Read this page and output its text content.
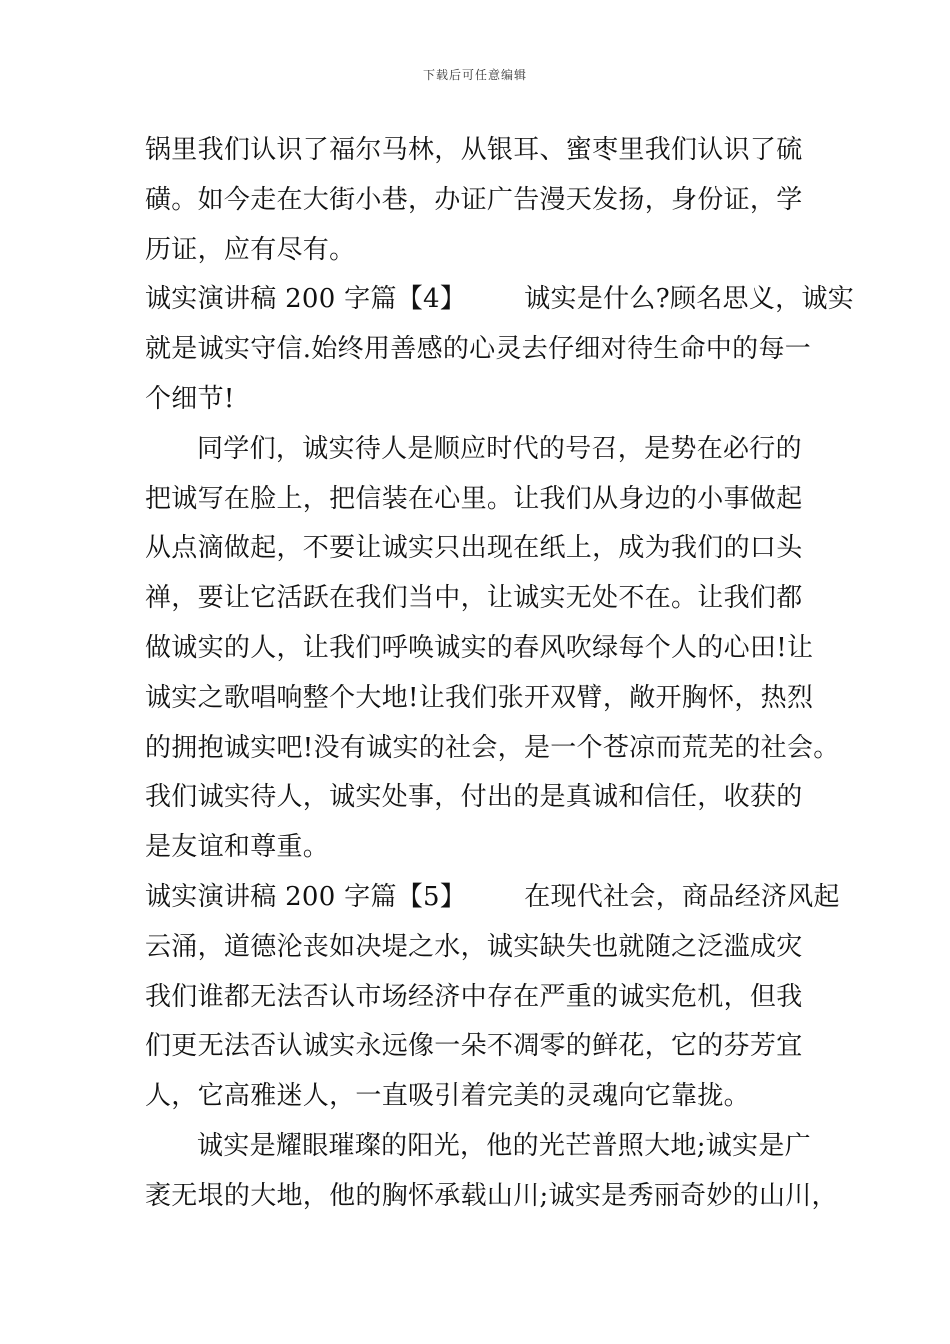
下载后可任意编辑
锅里我们认识了福尔马林，从银耳、蜜枣里我们认识了硫
磺。如今走在大街小巷，办证广告漫天发扬，身份证，学
历证，应有尽有。
诚实演讲稿 200 字篇【4】 诚实是什么?顾名思义，诚实
就是诚实守信.始终用善感的心灵去仔细对待生命中的每一
个细节!
同学们，诚实待人是顺应时代的号召，是势在必行的
把诚写在脸上，把信装在心里。让我们从身边的小事做起
从点滴做起，不要让诚实只出现在纸上，成为我们的口头
禅，要让它活跃在我们当中，让诚实无处不在。让我们都
做诚实的人，让我们呼唤诚实的春风吹绿每个人的心田!让
诚实之歌唱响整个大地!让我们张开双臂，敞开胸怀，热烈
的拥抱诚实吧!没有诚实的社会，是一个苍凉而荒芜的社会。
我们诚实待人，诚实处事，付出的是真诚和信任，收获的
是友谊和尊重。
诚实演讲稿 200 字篇【5】 在现代社会，商品经济风起
云涌，道德沦丧如决堤之水，诚实缺失也就随之泛滥成灾
我们谁都无法否认市场经济中存在严重的诚实危机，但我
们更无法否认诚实永远像一朵不凋零的鲜花，它的芬芳宜
人，它高雅迷人，一直吸引着完美的灵魂向它靠拢。
诚实是耀眼璀璨的阳光，他的光芒普照大地;诚实是广
袤无垠的大地，他的胸怀承载山川;诚实是秀丽奇妙的山川，
